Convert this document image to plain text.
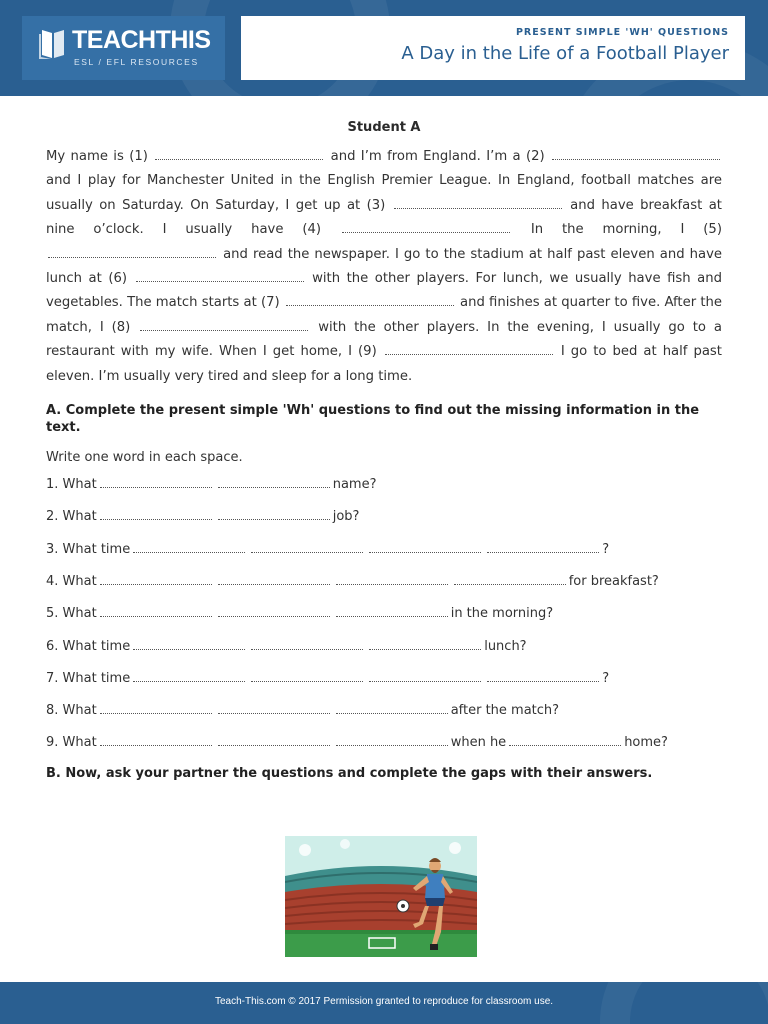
TEACHTHIS
ESL / EFL RESOURCES
PRESENT SIMPLE 'WH' QUESTIONS
A Day in the Life of a Football Player
Student A

My name is (1)	and I’m from England. I’m a (2)  and I play for Manchester United in the English Premier League. In England, football matches are usually on Saturday. On Saturday, I get up at (3)	and have breakfast at nine o’clock. I usually have (4)	In the morning, I (5)  and read the newspaper. I go to the stadium at half past eleven and have lunch at (6)	with the other players. For lunch, we usually have fish and vegetables. The match starts at (7)	and finishes at quarter to five. After the match, I (8)	with the other players. In the evening, I usually go to a restaurant with my wife. When I get home, I (9)	I go to bed at half past eleven. I’m usually very tired and sleep for a long time.

A. Complete the present simple 'Wh' questions to find out the missing information in the text.
Write one word in each space.
1. What	name?
2. What	job?
3. What time	?
4. What	for breakfast?
5. What	in the morning?
6. What time	lunch?
7. What time	?
8. What	after the match?
9. What	when he	home?
B. Now, ask your partner the questions and complete the gaps with their answers.
Teach-This.com © 2017 Permission granted to reproduce for classroom use.
